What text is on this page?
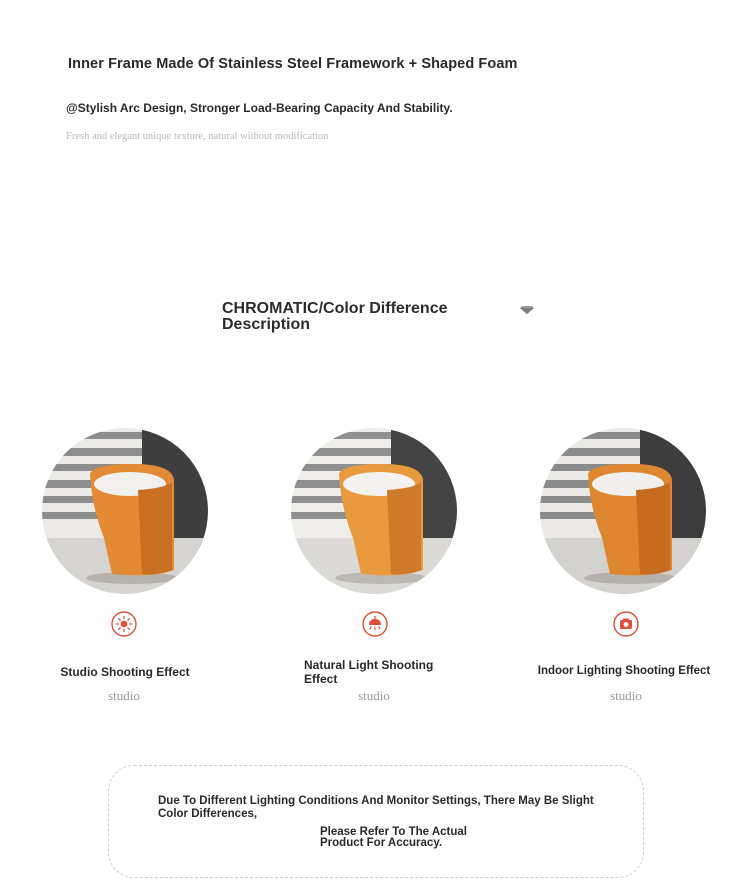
Inner Frame Made Of Stainless Steel Framework + Shaped Foam
@Stylish Arc Design, Stronger Load-Bearing Capacity And Stability.
Fresh and elegant unique texture, natural without modification
CHROMATIC/Color Difference
Description
Studio Shooting Effect	Natural Light Shooting
Effect
Indoor Lighting Shooting Effect
studio	studio	studio
Due To Different Lighting Conditions And Monitor Settings, There May Be Slight
Color Differences,
Please Refer To The Actual
Product For Accuracy.
